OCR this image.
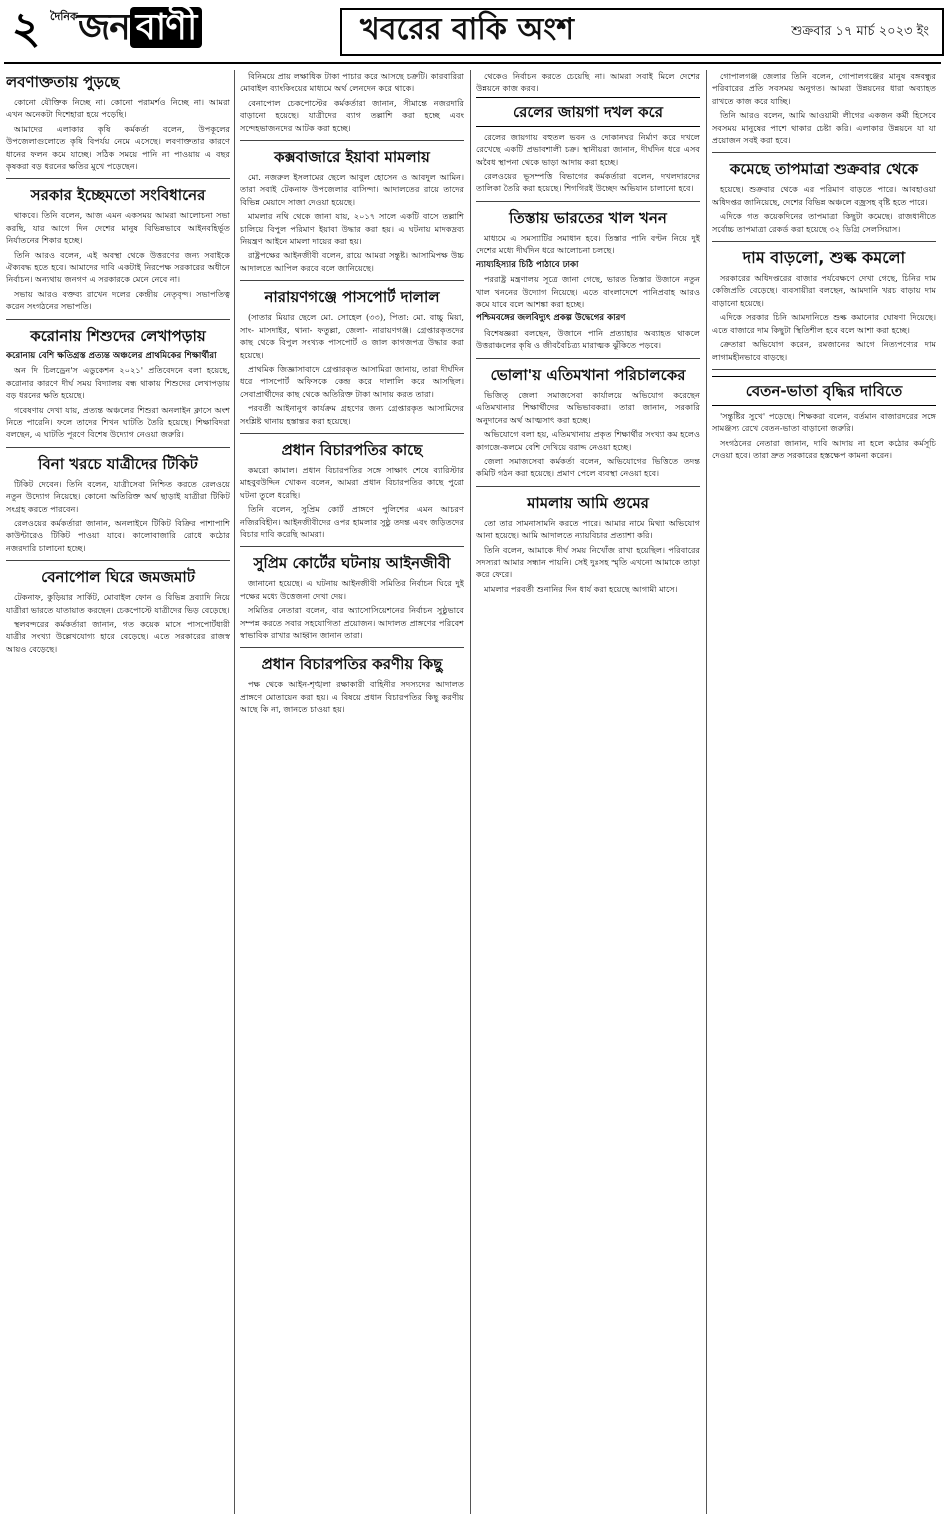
২ দৈনিক জন বাণী	খবরের বাকি অংশ	শুক্রবার ১৭ মার্চ ২০২৩ ইং
লবণাক্ততায় পুড়ছে

কোনো যৌক্তিক নিচ্ছে না। কোনো পরামর্শও নিচ্ছে না। আমরা এখন অনেকটা দিশেহারা হয়ে পড়েছি।

আমাদের এলাকার কৃষি কর্মকর্তা বলেন, উপকূলের উপজেলাগুলোতে কৃষি বিপর্যয় নেমে এসেছে। লবণাক্ততার কারণে ধানের ফলন কমে যাচ্ছে। সঠিক সময়ে পানি না পাওয়ায় এ বছর কৃষকরা বড় ধরনের ক্ষতির মুখে পড়েছেন।

সরকার ইচ্ছেমতো সংবিধানের

থাকবে। তিনি বলেন, আজ এমন একসময় আমরা আলোচনা সভা করছি, যার আগে দিন দেশের মানুষ বিভিন্নভাবে আইনবহির্ভূত নির্যাতনের শিকার হচ্ছে।

তিনি আরও বলেন, এই অবস্থা থেকে উত্তরণের জন্য সবাইকে ঐক্যবদ্ধ হতে হবে। আমাদের দাবি একটাই নিরপেক্ষ সরকারের অধীনে নির্বাচন। অন্যথায় জনগণ এ সরকারকে মেনে নেবে না।

সভায় আরও বক্তব্য রাখেন দলের কেন্দ্রীয় নেতৃবৃন্দ। সভাপতিত্ব করেন সংগঠনের সভাপতি।

করোনায় শিশুদের লেখাপড়ায়
করোনায় বেশি ক্ষতিগ্রস্ত প্রত্যন্ত অঞ্চলের প্রাথমিকের শিক্ষার্থীরা

অন দি চিলড্রেন'স এডুকেশন ২০২১' প্রতিবেদনে বলা হয়েছে, করোনার কারণে দীর্ঘ সময় বিদ্যালয় বন্ধ থাকায় শিশুদের লেখাপড়ায় বড় ধরনের ক্ষতি হয়েছে।

গবেষণায় দেখা যায়, প্রত্যন্ত অঞ্চলের শিশুরা অনলাইন ক্লাসে অংশ নিতে পারেনি। ফলে তাদের শিখন ঘাটতি তৈরি হয়েছে। শিক্ষাবিদরা বলছেন, এ ঘাটতি পূরণে বিশেষ উদ্যোগ নেওয়া জরুরি।

বিনা খরচে যাত্রীদের টিকিট

টিকিট দেবেন। তিনি বলেন, যাত্রীসেবা নিশ্চিত করতে রেলওয়ে নতুন উদ্যোগ নিয়েছে। কোনো অতিরিক্ত অর্থ ছাড়াই যাত্রীরা টিকিট সংগ্রহ করতে পারবেন।

রেলওয়ের কর্মকর্তারা জানান, অনলাইনে টিকিট বিক্রির পাশাপাশি কাউন্টারেও টিকিট পাওয়া যাবে। কালোবাজারি রোধে কঠোর নজরদারি চালানো হচ্ছে।

বেনাপোল ঘিরে জমজমাট

টেকনাফ, কুড়িয়ার সার্কিট, মোবাইল ফোন ও বিভিন্ন দ্রব্যাদি নিয়ে যাত্রীরা ভারতে যাতায়াত করছেন। চেকপোস্টে যাত্রীদের ভিড় বেড়েছে।

স্থলবন্দরের কর্মকর্তারা জানান, গত কয়েক মাসে পাসপোর্টধারী যাত্রীর সংখ্যা উল্লেখযোগ্য হারে বেড়েছে। এতে সরকারের রাজস্ব আয়ও বেড়েছে।

বিনিময়ে প্রায় লক্ষাধিক টাকা পাচার করে আসছে চক্রটি। কারবারিরা মোবাইল ব্যাংকিংয়ের মাধ্যমে অর্থ লেনদেন করে থাকে।

বেনাপোল চেকপোস্টের কর্মকর্তারা জানান, সীমান্তে নজরদারি বাড়ানো হয়েছে। যাত্রীদের ব্যাগ তল্লাশি করা হচ্ছে এবং সন্দেহভাজনদের আটক করা হচ্ছে।

কক্সবাজারে ইয়াবা মামলায়

মো. নজরুল ইসলামের ছেলে আবুল হোসেন ও আবদুল আমিন। তারা সবাই টেকনাফ উপজেলার বাসিন্দা। আদালতের রায়ে তাদের বিভিন্ন মেয়াদে সাজা দেওয়া হয়েছে।

মামলার নথি থেকে জানা যায়, ২০১৭ সালে একটি বাসে তল্লাশি চালিয়ে বিপুল পরিমাণ ইয়াবা উদ্ধার করা হয়। এ ঘটনায় মাদকদ্রব্য নিয়ন্ত্রণ আইনে মামলা দায়ের করা হয়।

রাষ্ট্রপক্ষের আইনজীবী বলেন, রায়ে আমরা সন্তুষ্ট। আসামিপক্ষ উচ্চ আদালতে আপিল করবে বলে জানিয়েছে।

নারায়ণগঞ্জে পাসপোর্ট দালাল

(সাতার মিয়ার ছেলে মো. সোহেল (৩৩), পিতা: মো. বাচ্চু মিয়া, সাং- মাসদাইর, থানা- ফতুল্লা, জেলা- নারায়ণগঞ্জ। গ্রেপ্তারকৃতদের কাছ থেকে বিপুল সংখ্যক পাসপোর্ট ও জাল কাগজপত্র উদ্ধার করা হয়েছে।

প্রাথমিক জিজ্ঞাসাবাদে গ্রেপ্তারকৃত আসামিরা জানায়, তারা দীর্ঘদিন ধরে পাসপোর্ট অফিসকে কেন্দ্র করে দালালি করে আসছিল। সেবাপ্রার্থীদের কাছ থেকে অতিরিক্ত টাকা আদায় করত তারা।

পরবর্তী আইনানুগ কার্যক্রম গ্রহণের জন্য গ্রেপ্তারকৃত আসামিদের সংশ্লিষ্ট থানায় হস্তান্তর করা হয়েছে।

প্রধান বিচারপতির কাছে

কমরো কামাল। প্রধান বিচারপতির সঙ্গে সাক্ষাৎ শেষে ব্যারিস্টার মাহবুবউদ্দিন খোকন বলেন, আমরা প্রধান বিচারপতির কাছে পুরো ঘটনা তুলে ধরেছি।

তিনি বলেন, সুপ্রিম কোর্ট প্রাঙ্গণে পুলিশের এমন আচরণ নজিরবিহীন। আইনজীবীদের ওপর হামলার সুষ্ঠু তদন্ত এবং জড়িতদের বিচার দাবি করেছি আমরা।

সুপ্রিম কোর্টের ঘটনায় আইনজীবী

জানানো হয়েছে। এ ঘটনায় আইনজীবী সমিতির নির্বাচন ঘিরে দুই পক্ষের মধ্যে উত্তেজনা দেখা দেয়।

সমিতির নেতারা বলেন, বার অ্যাসোসিয়েশনের নির্বাচন সুষ্ঠুভাবে সম্পন্ন করতে সবার সহযোগিতা প্রয়োজন। আদালত প্রাঙ্গণের পরিবেশ স্বাভাবিক রাখার আহ্বান জানান তারা।

প্রধান বিচারপতির করণীয় কিছু

পক্ষ থেকে আইন-শৃঙ্খলা রক্ষাকারী বাহিনীর সদস্যদের আদালত প্রাঙ্গণে মোতায়েন করা হয়। এ বিষয়ে প্রধান বিচারপতির কিছু করণীয় আছে কি না, জানতে চাওয়া হয়।

থেকেও নির্বাচন করতে চেয়েছি না। আমরা সবাই মিলে দেশের উন্নয়নে কাজ করব।

রেলের জায়গা দখল করে

রেলের জায়গায় বহুতল ভবন ও দোকানঘর নির্মাণ করে দখলে রেখেছে একটি প্রভাবশালী চক্র। স্থানীয়রা জানান, দীর্ঘদিন ধরে এসব অবৈধ স্থাপনা থেকে ভাড়া আদায় করা হচ্ছে।

রেলওয়ের ভূসম্পত্তি বিভাগের কর্মকর্তারা বলেন, দখলদারদের তালিকা তৈরি করা হয়েছে। শিগগিরই উচ্ছেদ অভিযান চালানো হবে।

তিস্তায় ভারতের খাল খনন

মাধ্যমে এ সমস্যাটির সমাধান হবে। তিস্তার পানি বণ্টন নিয়ে দুই দেশের মধ্যে দীর্ঘদিন ধরে আলোচনা চলছে।

ন্যায্যহিস্যার চিঠি পাঠাবে ঢাকা

পররাষ্ট্র মন্ত্রণালয় সূত্রে জানা গেছে, ভারত তিস্তার উজানে নতুন খাল খননের উদ্যোগ নিয়েছে। এতে বাংলাদেশে পানিপ্রবাহ আরও কমে যাবে বলে আশঙ্কা করা হচ্ছে।

পশ্চিমবঙ্গের জলবিদ্যুৎ প্রকল্প উদ্বেগের কারণ

বিশেষজ্ঞরা বলছেন, উজানে পানি প্রত্যাহার অব্যাহত থাকলে উত্তরাঞ্চলের কৃষি ও জীববৈচিত্র্য মারাত্মক ঝুঁকিতে পড়বে।

ভোলা'য় এতিমখানা পরিচালকের

ভিজিত্ জেলা সমাজসেবা কার্যালয়ে অভিযোগ করেছেন এতিমখানার শিক্ষার্থীদের অভিভাবকরা। তারা জানান, সরকারি অনুদানের অর্থ আত্মসাৎ করা হচ্ছে।

অভিযোগে বলা হয়, এতিমখানায় প্রকৃত শিক্ষার্থীর সংখ্যা কম হলেও কাগজে-কলমে বেশি দেখিয়ে বরাদ্দ নেওয়া হচ্ছে।

জেলা সমাজসেবা কর্মকর্তা বলেন, অভিযোগের ভিত্তিতে তদন্ত কমিটি গঠন করা হয়েছে। প্রমাণ পেলে ব্যবস্থা নেওয়া হবে।

মামলায় আমি গুমের

তো তার সামনাসামনি করতে পারে। আমার নামে মিথ্যা অভিযোগ আনা হয়েছে। আমি আদালতে ন্যায়বিচার প্রত্যাশা করি।

তিনি বলেন, আমাকে দীর্ঘ সময় নিখোঁজ রাখা হয়েছিল। পরিবারের সদস্যরা আমার সন্ধান পায়নি। সেই দুঃসহ স্মৃতি এখনো আমাকে তাড়া করে ফেরে।

মামলার পরবর্তী শুনানির দিন ধার্য করা হয়েছে আগামী মাসে।

গোপালগঞ্জ জেলার তিনি বলেন, গোপালগঞ্জের মানুষ বঙ্গবন্ধুর পরিবারের প্রতি সবসময় অনুগত। আমরা উন্নয়নের ধারা অব্যাহত রাখতে কাজ করে যাচ্ছি।

তিনি আরও বলেন, আমি আওয়ামী লীগের একজন কর্মী হিসেবে সবসময় মানুষের পাশে থাকার চেষ্টা করি। এলাকার উন্নয়নে যা যা প্রয়োজন সবই করা হবে।

কমেছে তাপমাত্রা শুক্রবার থেকে

হয়েছে। শুক্রবার থেকে এর পরিমাণ বাড়তে পারে। আবহাওয়া অধিদপ্তর জানিয়েছে, দেশের বিভিন্ন অঞ্চলে বজ্রসহ বৃষ্টি হতে পারে।

এদিকে গত কয়েকদিনের তাপমাত্রা কিছুটা কমেছে। রাজধানীতে সর্বোচ্চ তাপমাত্রা রেকর্ড করা হয়েছে ৩২ ডিগ্রি সেলসিয়াস।

দাম বাড়লো, শুল্ক কমলো

সরকারের অধিদপ্তরের বাজার পর্যবেক্ষণে দেখা গেছে, চিনির দাম কেজিপ্রতি বেড়েছে। ব্যবসায়ীরা বলছেন, আমদানি খরচ বাড়ায় দাম বাড়ানো হয়েছে।

এদিকে সরকার চিনি আমদানিতে শুল্ক কমানোর ঘোষণা দিয়েছে। এতে বাজারে দাম কিছুটা স্থিতিশীল হবে বলে আশা করা হচ্ছে।

ক্রেতারা অভিযোগ করেন, রমজানের আগে নিত্যপণ্যের দাম লাগামহীনভাবে বাড়ছে।

বেতন-ভাতা বৃদ্ধির দাবিতে

'সন্তুষ্টির সুখে' পড়েছে। শিক্ষকরা বলেন, বর্তমান বাজারদরের সঙ্গে সামঞ্জস্য রেখে বেতন-ভাতা বাড়ানো জরুরি।

সংগঠনের নেতারা জানান, দাবি আদায় না হলে কঠোর কর্মসূচি দেওয়া হবে। তারা দ্রুত সরকারের হস্তক্ষেপ কামনা করেন।
